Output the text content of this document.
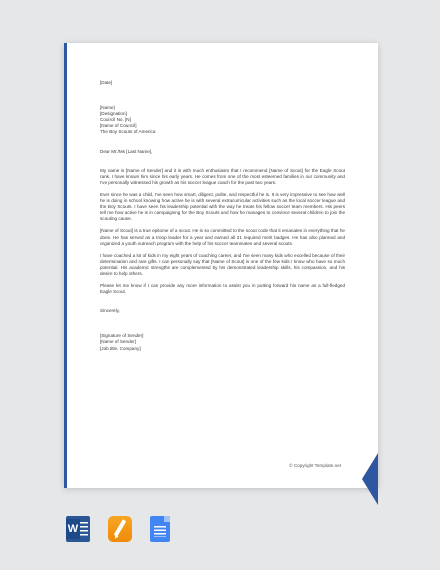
[Date]
[Name]
[Designation]
Council No. [N]
[Name of Council]
The Boy Scouts of America
Dear Mr./Ms [Last Name],

My name is [Name of Sender] and it is with much enthusiasm that I recommend [Name of Scout] for the Eagle Scout rank. I have known him since his early years. He comes from one of the most esteemed families in our community and I've personally witnessed his growth as his soccer league coach for the past two years.

Ever since he was a child, I've seen how smart, diligent, polite, and respectful he is. It is very impressive to see how well he is doing in school knowing how active he is with several extracurricular activities such as the local soccer league and the Boy Scouts. I have seen his leadership potential with the way he treats his fellow soccer team members. His peers tell me how active he is in campaigning for the Boy Scouts and how he manages to convince several children to join the scouting cause.

[Name of Scout] is a true epitome of a scout. He is so committed to the scout code that it emanates in everything that he does. He has served as a troop leader for a year and earned all 21 required merit badges. He has also planned and organized a youth outreach program with the help of his soccer teammates and several scouts.

I have coached a lot of kids in my eight years of coaching career, and I've seen many kids who excelled because of their determination and rare gifts. I can personally say that [Name of Scout] is one of the few kids I know who have so much potential. His academic strengths are complemented by his demonstrated leadership skills, his compassion, and his desire to help others.

Please let me know if I can provide any more information to assist you in putting forward his name as a full-fledged Eagle Scout.

Sincerely,
[Signature of Sender]
[Name of Sender]
[Job title, Company]
© Copyright Template.net
W
